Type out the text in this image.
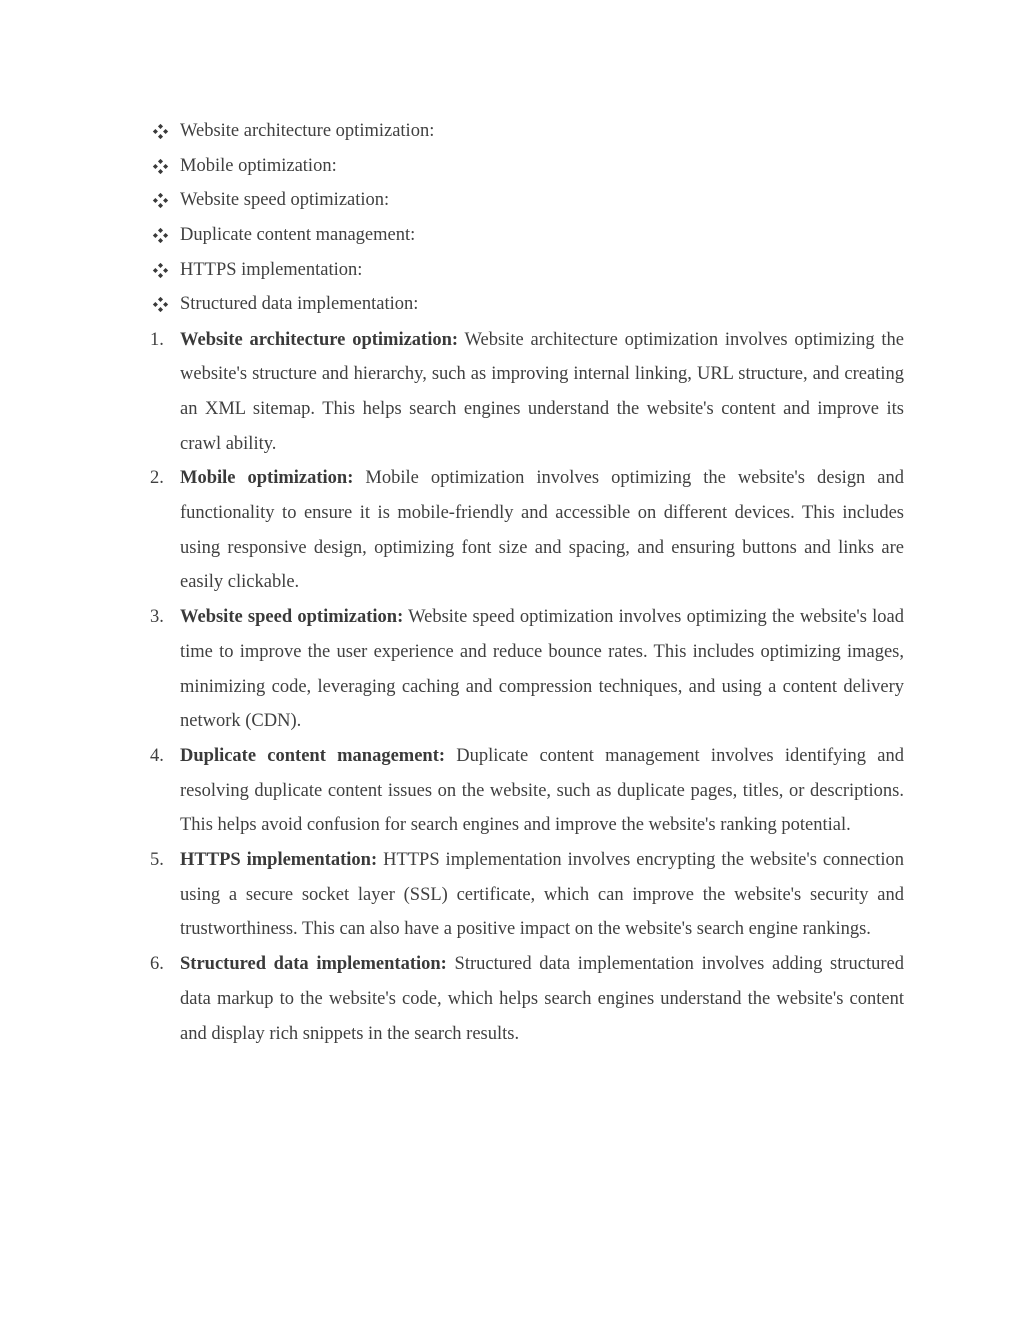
Website architecture optimization:
Mobile optimization:
Website speed optimization:
Duplicate content management:
HTTPS implementation:
Structured data implementation:
1. Website architecture optimization: Website architecture optimization involves optimizing the website's structure and hierarchy, such as improving internal linking, URL structure, and creating an XML sitemap. This helps search engines understand the website's content and improve its crawl ability.
2. Mobile optimization: Mobile optimization involves optimizing the website's design and functionality to ensure it is mobile-friendly and accessible on different devices. This includes using responsive design, optimizing font size and spacing, and ensuring buttons and links are easily clickable.
3. Website speed optimization: Website speed optimization involves optimizing the website's load time to improve the user experience and reduce bounce rates. This includes optimizing images, minimizing code, leveraging caching and compression techniques, and using a content delivery network (CDN).
4. Duplicate content management: Duplicate content management involves identifying and resolving duplicate content issues on the website, such as duplicate pages, titles, or descriptions. This helps avoid confusion for search engines and improve the website's ranking potential.
5. HTTPS implementation: HTTPS implementation involves encrypting the website's connection using a secure socket layer (SSL) certificate, which can improve the website's security and trustworthiness. This can also have a positive impact on the website's search engine rankings.
6. Structured data implementation: Structured data implementation involves adding structured data markup to the website's code, which helps search engines understand the website's content and display rich snippets in the search results.
